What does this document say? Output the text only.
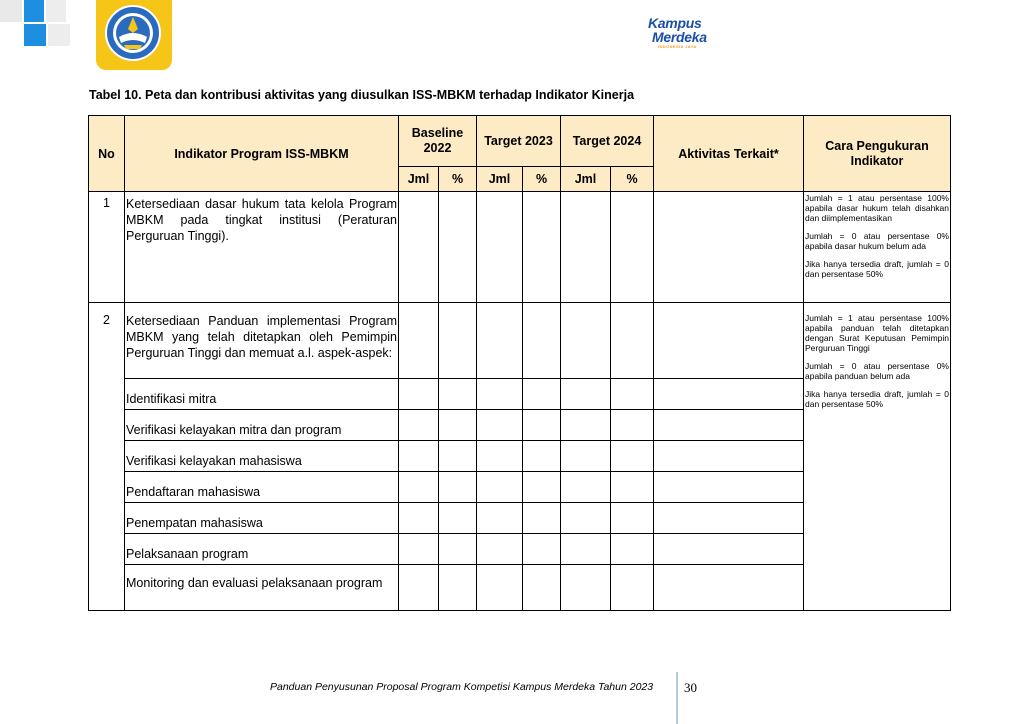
Kampus
Merdeka
INDONESIA JAYA
Tabel 10. Peta dan kontribusi aktivitas yang diusulkan ISS-MBKM terhadap Indikator Kinerja
No	Indikator Program ISS-MBKM	Baseline 2022		Target 2023		Target 2024		Aktivitas Terkait*	Cara Pengukuran Indikator
		Jml	%	Jml	%	Jml	%		
1	Ketersediaan dasar hukum tata kelola Program MBKM pada tingkat institusi (Peraturan Perguruan Tinggi).								Jumlah = 1 atau persentase 100% apabila dasar hukum telah disahkan dan diimplementasikan

Jumlah = 0 atau persentase 0% apabila dasar hukum belum ada

Jika hanya tersedia draft, jumlah = 0 dan persentase 50%

2	Ketersediaan Panduan implementasi Program MBKM yang telah ditetapkan oleh Pemimpin Perguruan Tinggi dan memuat a.l. aspek-aspek:								Jumlah = 1 atau persentase 100% apabila panduan telah ditetapkan dengan Surat Keputusan Pemimpin Perguruan Tinggi

Jumlah = 0 atau persentase 0% apabila panduan belum ada

Jika hanya tersedia draft, jumlah = 0 dan persentase 50%

	Identifikasi mitra								
	Verifikasi kelayakan mitra dan program								
	Verifikasi kelayakan mahasiswa								
	Pendaftaran mahasiswa								
	Penempatan mahasiswa								
	Pelaksanaan program								
	Monitoring dan evaluasi pelaksanaan program								
Panduan Penyusunan Proposal Program Kompetisi Kampus Merdeka Tahun 2023 30
